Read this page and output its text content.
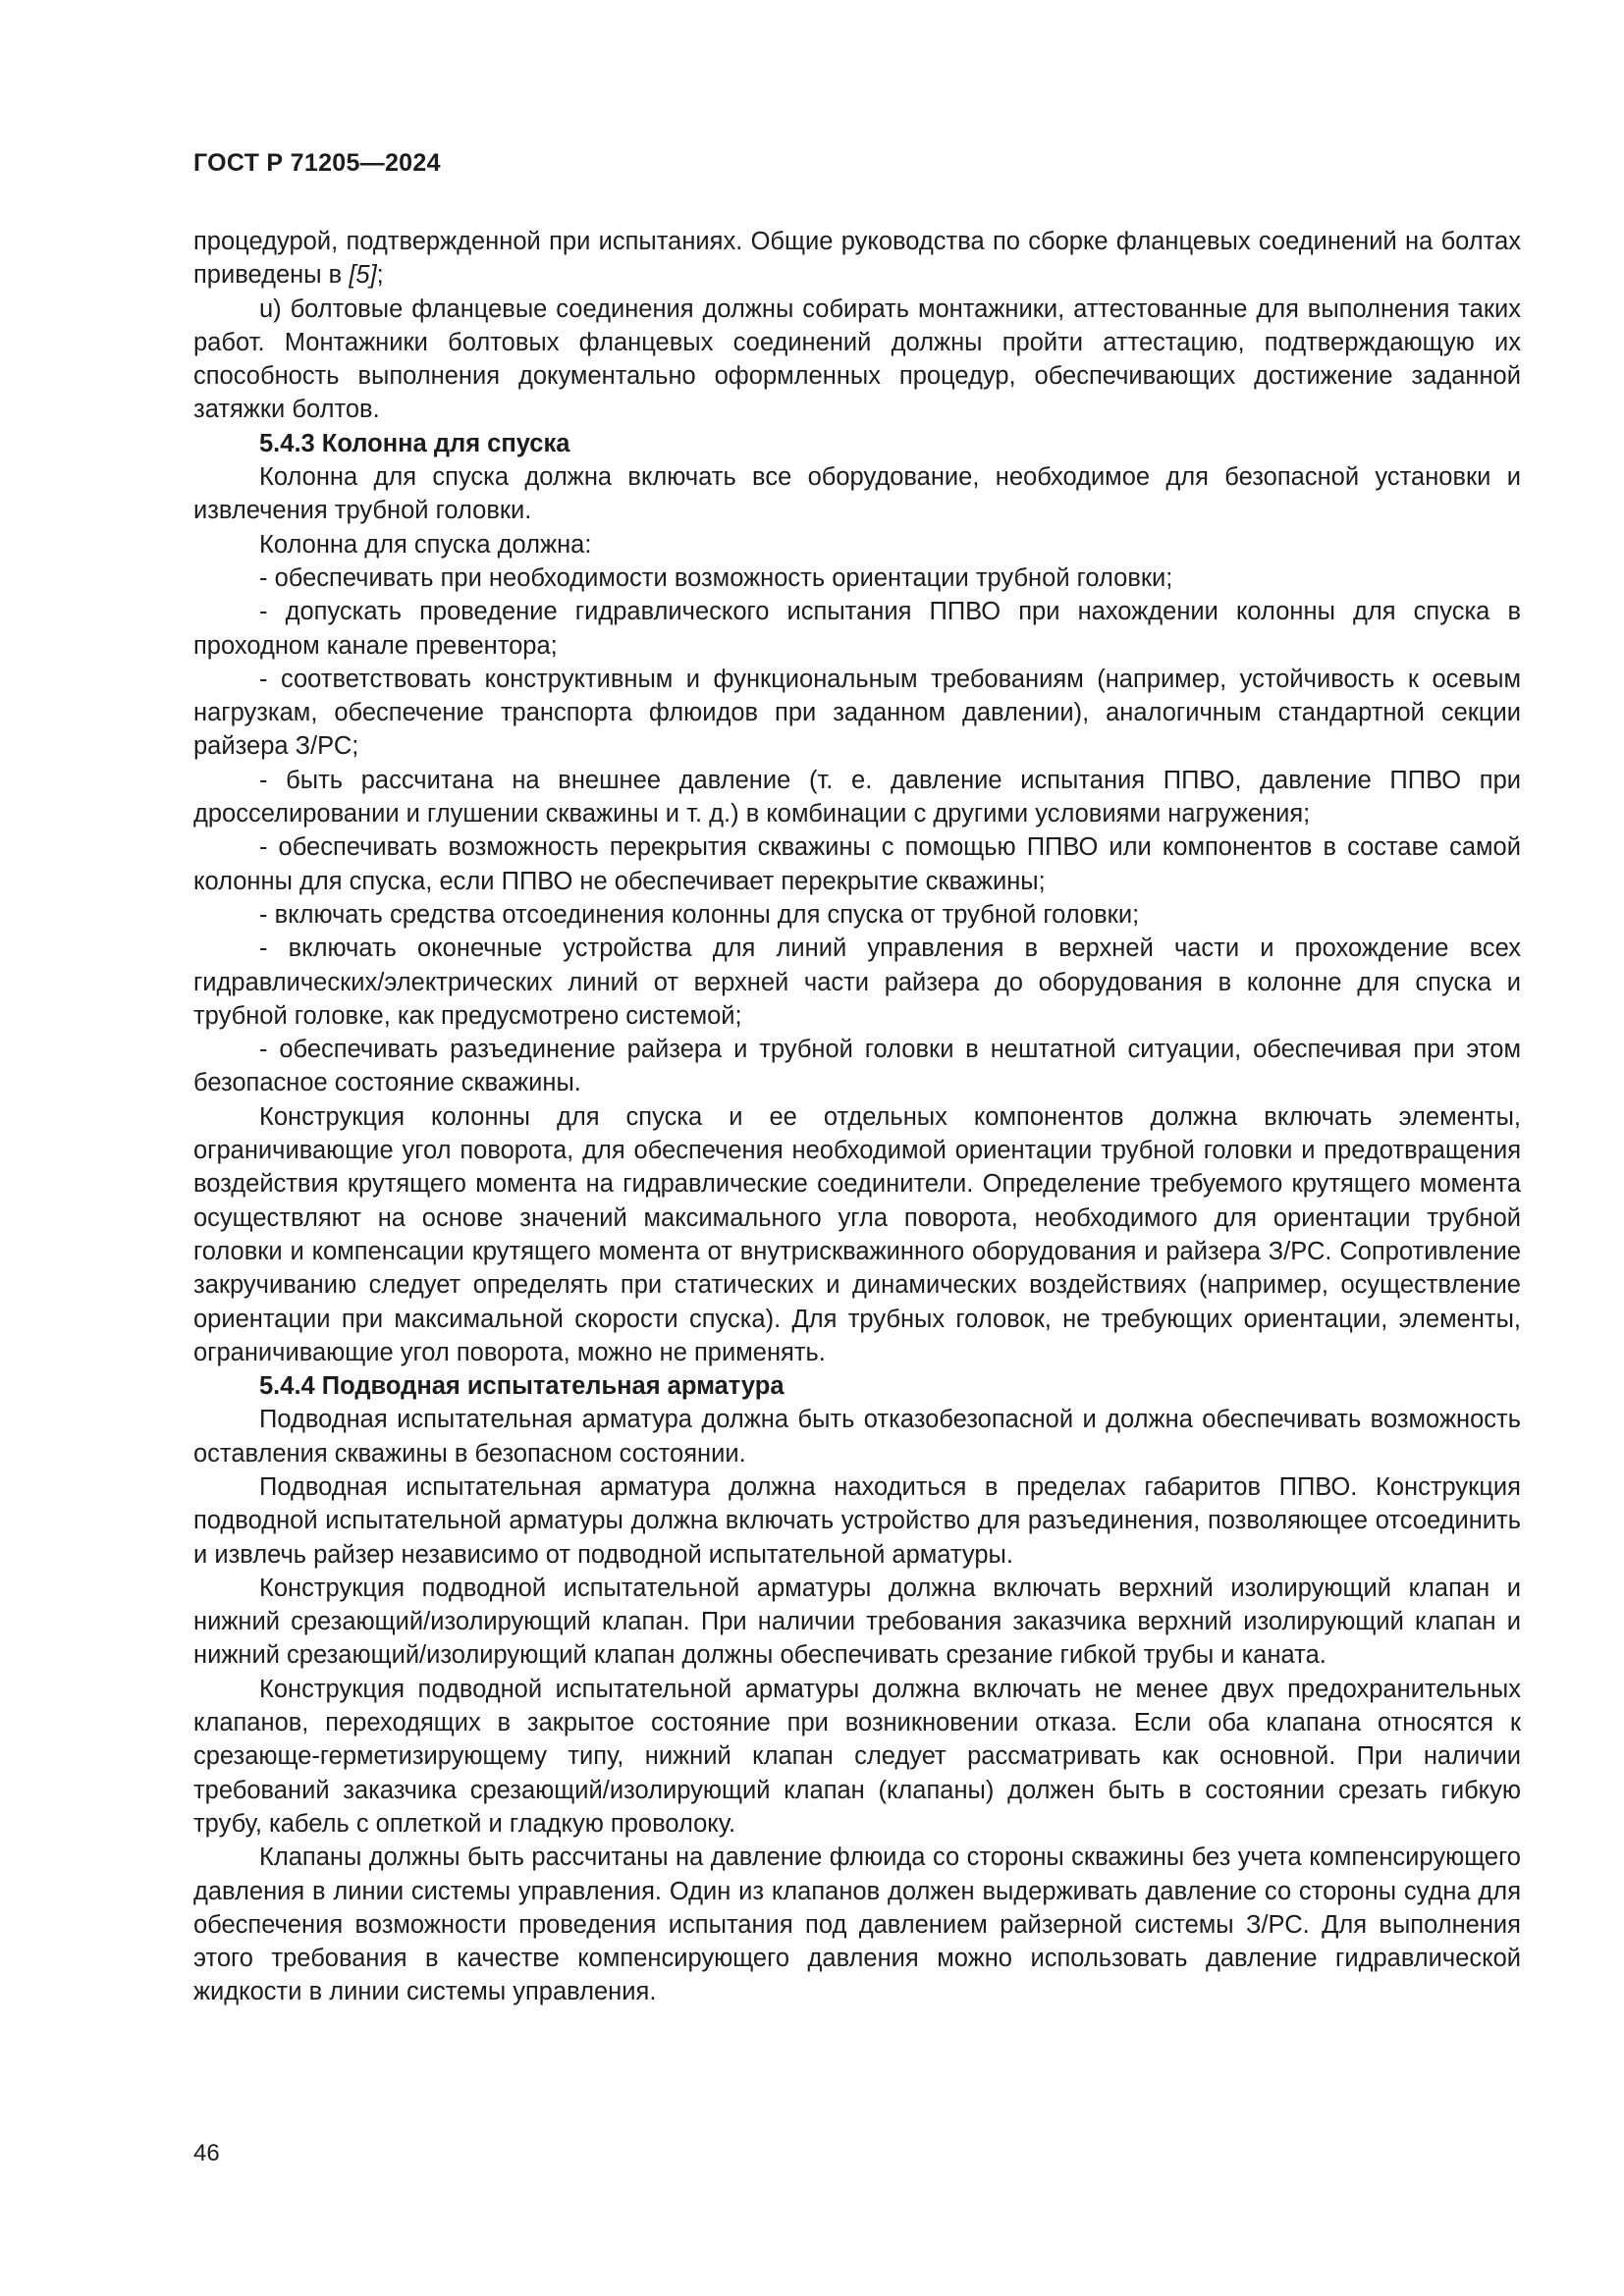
ГОСТ Р 71205—2024

процедурой, подтвержденной при испытаниях. Общие руководства по сборке фланцевых соединений на болтах приведены в [5];

u) болтовые фланцевые соединения должны собирать монтажники, аттестованные для выполнения таких работ. Монтажники болтовых фланцевых соединений должны пройти аттестацию, подтверждающую их способность выполнения документально оформленных процедур, обеспечивающих достижение заданной затяжки болтов.

5.4.3 Колонна для спуска

Колонна для спуска должна включать все оборудование, необходимое для безопасной установки и извлечения трубной головки.

Колонна для спуска должна:

- обеспечивать при необходимости возможность ориентации трубной головки;

- допускать проведение гидравлического испытания ППВО при нахождении колонны для спуска в проходном канале превентора;

- соответствовать конструктивным и функциональным требованиям (например, устойчивость к осевым нагрузкам, обеспечение транспорта флюидов при заданном давлении), аналогичным стандартной секции райзера З/РС;

- быть рассчитана на внешнее давление (т. е. давление испытания ППВО, давление ППВО при дросселировании и глушении скважины и т. д.) в комбинации с другими условиями нагружения;

- обеспечивать возможность перекрытия скважины с помощью ППВО или компонентов в составе самой колонны для спуска, если ППВО не обеспечивает перекрытие скважины;

- включать средства отсоединения колонны для спуска от трубной головки;

- включать оконечные устройства для линий управления в верхней части и прохождение всех гидравлических/электрических линий от верхней части райзера до оборудования в колонне для спуска и трубной головке, как предусмотрено системой;

- обеспечивать разъединение райзера и трубной головки в нештатной ситуации, обеспечивая при этом безопасное состояние скважины.

Конструкция колонны для спуска и ее отдельных компонентов должна включать элементы, ограничивающие угол поворота, для обеспечения необходимой ориентации трубной головки и предотвращения воздействия крутящего момента на гидравлические соединители. Определение требуемого крутящего момента осуществляют на основе значений максимального угла поворота, необходимого для ориентации трубной головки и компенсации крутящего момента от внутрискважинного оборудования и райзера З/РС. Сопротивление закручиванию следует определять при статических и динамических воздействиях (например, осуществление ориентации при максимальной скорости спуска). Для трубных головок, не требующих ориентации, элементы, ограничивающие угол поворота, можно не применять.

5.4.4 Подводная испытательная арматура

Подводная испытательная арматура должна быть отказобезопасной и должна обеспечивать возможность оставления скважины в безопасном состоянии.

Подводная испытательная арматура должна находиться в пределах габаритов ППВО. Конструкция подводной испытательной арматуры должна включать устройство для разъединения, позволяющее отсоединить и извлечь райзер независимо от подводной испытательной арматуры.

Конструкция подводной испытательной арматуры должна включать верхний изолирующий клапан и нижний срезающий/изолирующий клапан. При наличии требования заказчика верхний изолирующий клапан и нижний срезающий/изолирующий клапан должны обеспечивать срезание гибкой трубы и каната.

Конструкция подводной испытательной арматуры должна включать не менее двух предохранительных клапанов, переходящих в закрытое состояние при возникновении отказа. Если оба клапана относятся к срезающе-герметизирующему типу, нижний клапан следует рассматривать как основной. При наличии требований заказчика срезающий/изолирующий клапан (клапаны) должен быть в состоянии срезать гибкую трубу, кабель с оплеткой и гладкую проволоку.

Клапаны должны быть рассчитаны на давление флюида со стороны скважины без учета компенсирующего давления в линии системы управления. Один из клапанов должен выдерживать давление со стороны судна для обеспечения возможности проведения испытания под давлением райзерной системы З/РС. Для выполнения этого требования в качестве компенсирующего давления можно использовать давление гидравлической жидкости в линии системы управления.

46
